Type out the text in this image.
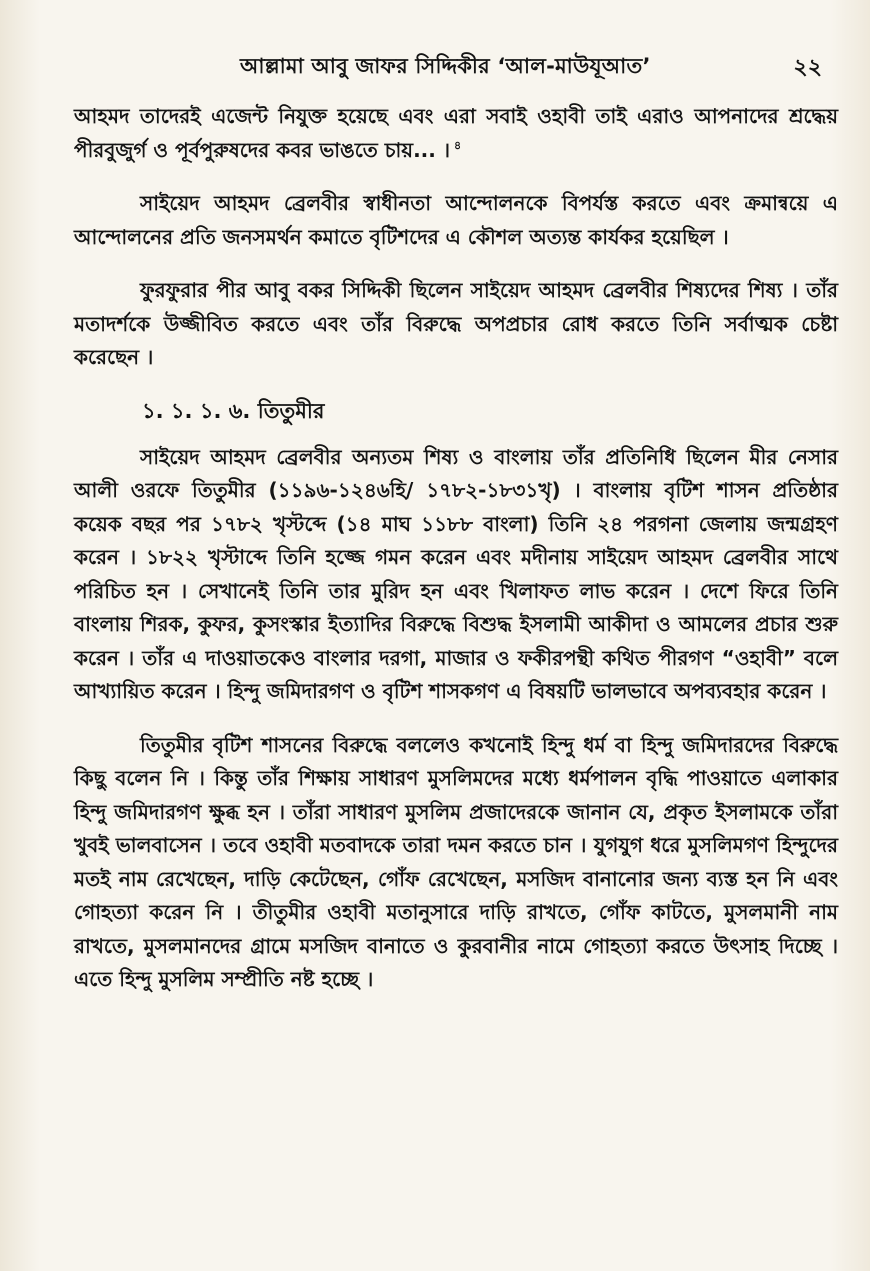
আল্লামা আবু জাফর সিদ্দিকীর ‘আল-মাউযূআত’	২২

আহমদ তাদেরই এজেন্ট নিযুক্ত হয়েছে এবং এরা সবাই ওহাবী তাই এরাও আপনাদের শ্রদ্ধেয় পীরবুজুর্গ ও পূর্বপুরুষদের কবর ভাঙতে চায়... । $^৪$

সাইয়েদ আহমদ ব্রেলবীর স্বাধীনতা আন্দোলনকে বিপর্যস্ত করতে এবং ক্রমান্বয়ে এ আন্দোলনের প্রতি জনসমর্থন কমাতে বৃটিশদের এ কৌশল অত্যন্ত কার্যকর হয়েছিল ।

ফুরফুরার পীর আবু বকর সিদ্দিকী ছিলেন সাইয়েদ আহমদ ব্রেলবীর শিষ্যদের শিষ্য । তাঁর মতাদর্শকে উজ্জীবিত করতে এবং তাঁর বিরুদ্ধে অপপ্রচার রোধ করতে তিনি সর্বাত্মক চেষ্টা করেছেন ।

১. ১. ১. ৬. তিতুমীর

সাইয়েদ আহমদ ব্রেলবীর অন্যতম শিষ্য ও বাংলায় তাঁর প্রতিনিধি ছিলেন মীর নেসার আলী ওরফে তিতুমীর (১১৯৬-১২৪৬হি/ ১৭৮২-১৮৩১খৃ) । বাংলায় বৃটিশ শাসন প্রতিষ্ঠার কয়েক বছর পর ১৭৮২ খৃস্টব্দে (১৪ মাঘ ১১৮৮ বাংলা) তিনি ২৪ পরগনা জেলায় জন্মগ্রহণ করেন । ১৮২২ খৃস্টাব্দে তিনি হজ্জে গমন করেন এবং মদীনায় সাইয়েদ আহমদ ব্রেলবীর সাথে পরিচিত হন । সেখানেই তিনি তার মুরিদ হন এবং খিলাফত লাভ করেন । দেশে ফিরে তিনি বাংলায় শিরক, কুফর, কুসংস্কার ইত্যাদির বিরুদ্ধে বিশুদ্ধ ইসলামী আকীদা ও আমলের প্রচার শুরু করেন । তাঁর এ দাওয়াতকেও বাংলার দরগা, মাজার ও ফকীরপন্থী কথিত পীরগণ “ওহাবী” বলে আখ্যায়িত করেন । হিন্দু জমিদারগণ ও বৃটিশ শাসকগণ এ বিষয়টি ভালভাবে অপব্যবহার করেন ।

তিতুমীর বৃটিশ শাসনের বিরুদ্ধে বললেও কখনোই হিন্দু ধর্ম বা হিন্দু জমিদারদের বিরুদ্ধে কিছু বলেন নি । কিন্তু তাঁর শিক্ষায় সাধারণ মুসলিমদের মধ্যে ধর্মপালন বৃদ্ধি পাওয়াতে এলাকার হিন্দু জমিদারগণ ক্ষুব্ধ হন । তাঁরা সাধারণ মুসলিম প্রজাদেরকে জানান যে, প্রকৃত ইসলামকে তাঁরা খুবই ভালবাসেন । তবে ওহাবী মতবাদকে তারা দমন করতে চান । যুগযুগ ধরে মুসলিমগণ হিন্দুদের মতই নাম রেখেছেন, দাড়ি কেটেছেন, গোঁফ রেখেছেন, মসজিদ বানানোর জন্য ব্যস্ত হন নি এবং গোহত্যা করেন নি । তীতুমীর ওহাবী মতানুসারে দাড়ি রাখতে, গোঁফ কাটতে, মুসলমানী নাম রাখতে, মুসলমানদের গ্রামে মসজিদ বানাতে ও কুরবানীর নামে গোহত্যা করতে উৎসাহ দিচ্ছে । এতে হিন্দু মুসলিম সম্প্রীতি নষ্ট হচ্ছে ।
